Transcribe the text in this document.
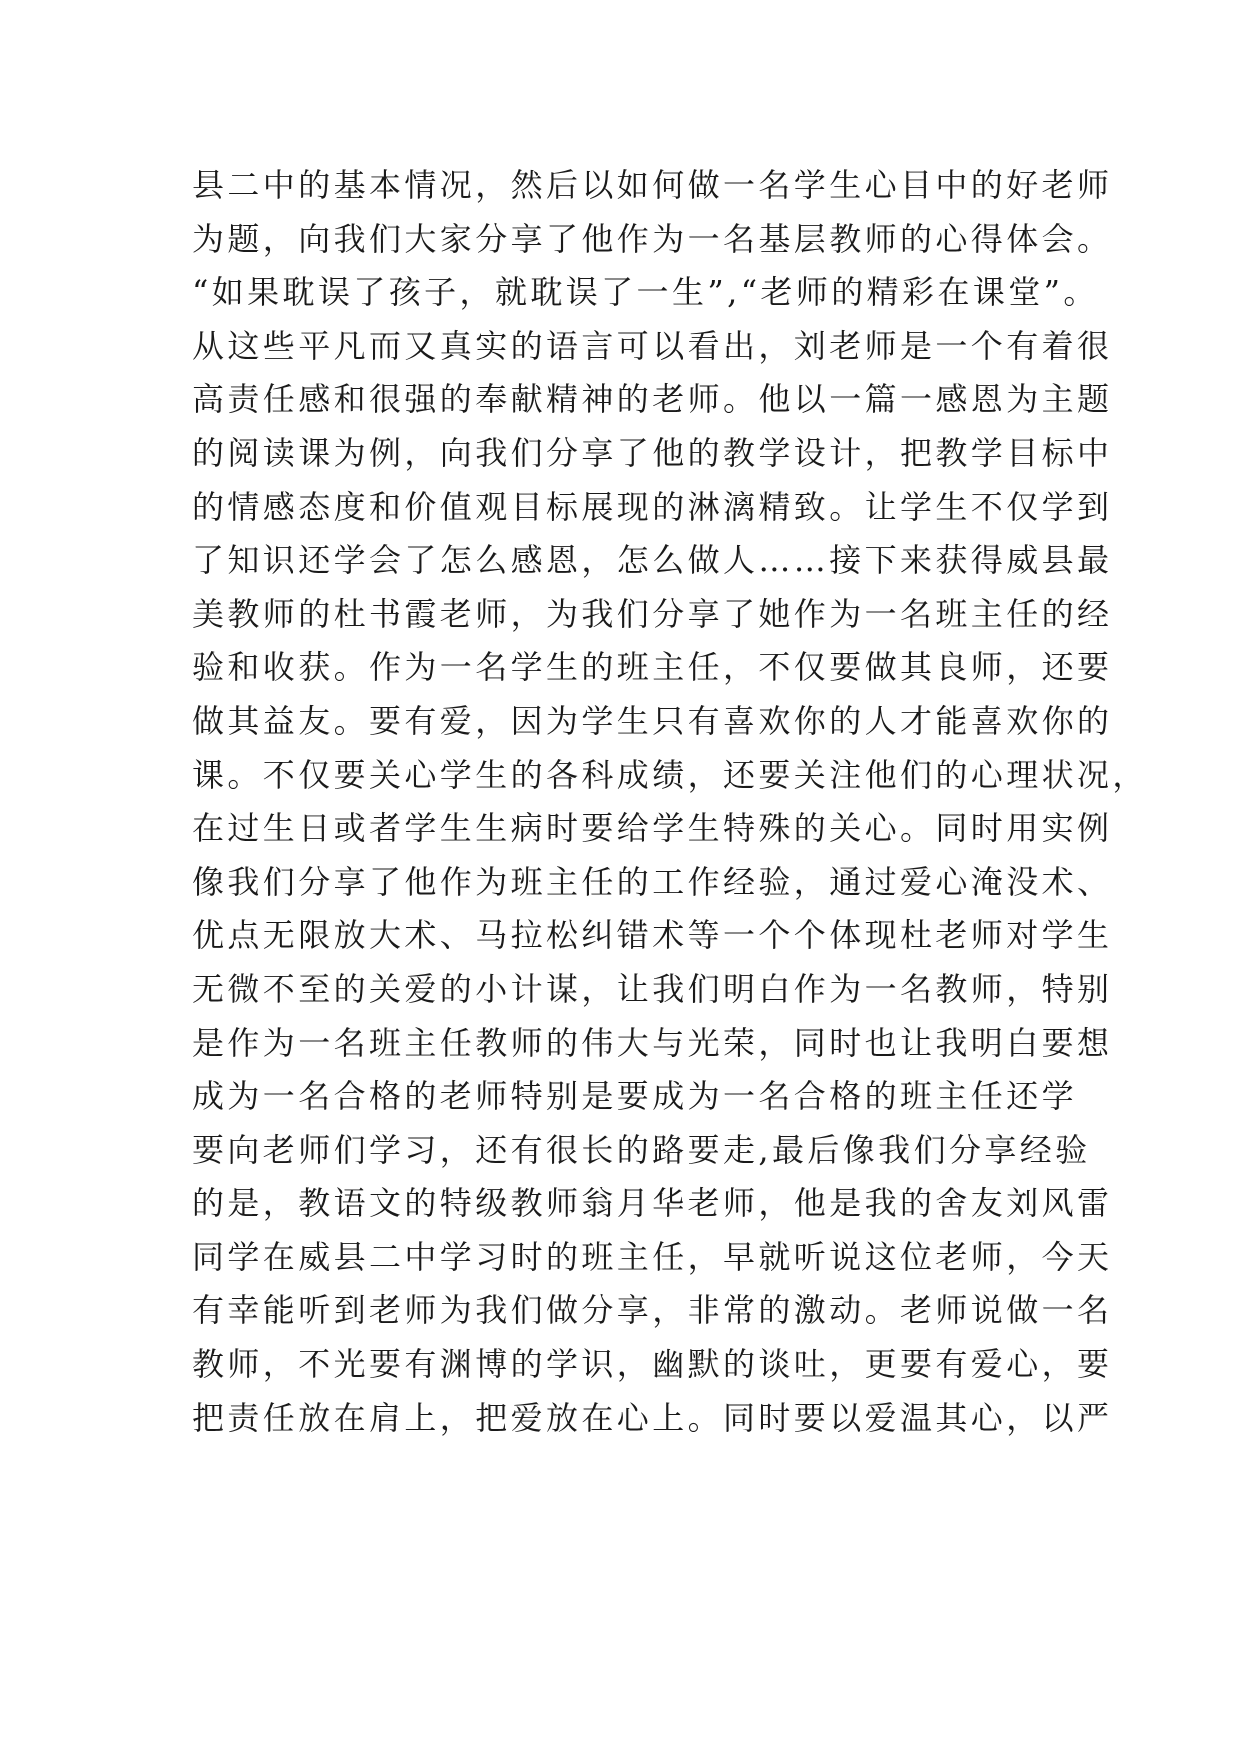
县二中的基本情况，然后以如何做一名学生心目中的好老师
为题，向我们大家分享了他作为一名基层教师的心得体会。
“如果耽误了孩子，就耽误了一生”,“老师的精彩在课堂”。
从这些平凡而又真实的语言可以看出，刘老师是一个有着很
高责任感和很强的奉献精神的老师。他以一篇一感恩为主题
的阅读课为例，向我们分享了他的教学设计，把教学目标中
的情感态度和价值观目标展现的淋漓精致。让学生不仅学到
了知识还学会了怎么感恩，怎么做人……接下来获得威县最
美教师的杜书霞老师，为我们分享了她作为一名班主任的经
验和收获。作为一名学生的班主任，不仅要做其良师，还要
做其益友。要有爱，因为学生只有喜欢你的人才能喜欢你的
课。不仅要关心学生的各科成绩，还要关注他们的心理状况，
在过生日或者学生生病时要给学生特殊的关心。同时用实例
像我们分享了他作为班主任的工作经验，通过爱心淹没术、
优点无限放大术、马拉松纠错术等一个个体现杜老师对学生
无微不至的关爱的小计谋，让我们明白作为一名教师，特别
是作为一名班主任教师的伟大与光荣，同时也让我明白要想
成为一名合格的老师特别是要成为一名合格的班主任还学
要向老师们学习，还有很长的路要走,最后像我们分享经验
的是，教语文的特级教师翁月华老师，他是我的舍友刘风雷
同学在威县二中学习时的班主任，早就听说这位老师，今天
有幸能听到老师为我们做分享，非常的激动。老师说做一名
教师，不光要有渊博的学识，幽默的谈吐，更要有爱心，要
把责任放在肩上，把爱放在心上。同时要以爱温其心，以严
